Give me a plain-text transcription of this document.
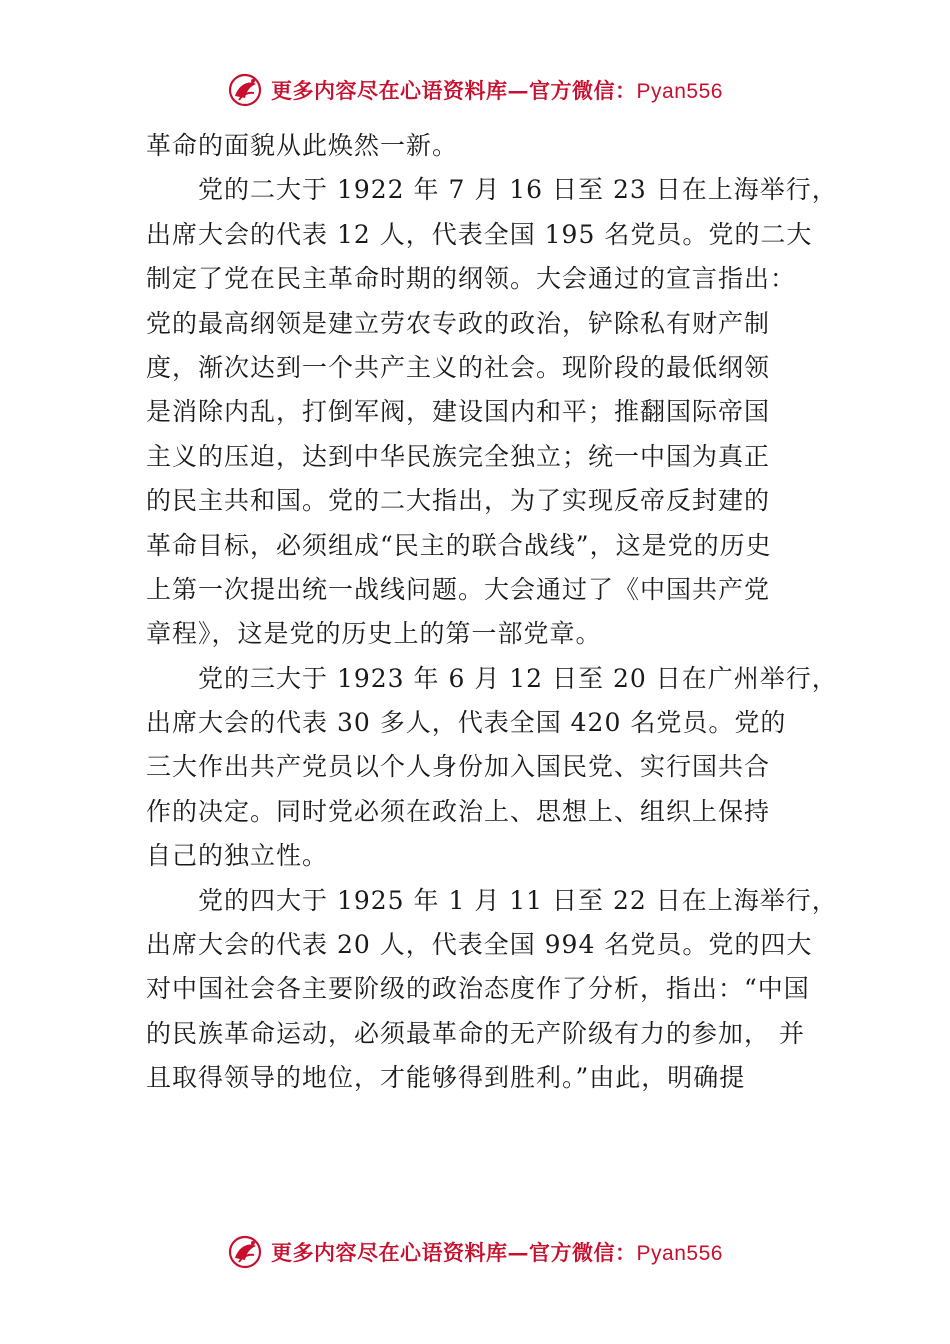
更多内容尽在心语资料库—官方微信：Pyan556
革命的面貌从此焕然一新。
党的二大于 1922 年 7 月 16 日至 23 日在上海举行，
出席大会的代表 12 人，代表全国 195 名党员。党的二大
制定了党在民主革命时期的纲领。大会通过的宣言指出：
党的最高纲领是建立劳农专政的政治，铲除私有财产制
度，渐次达到一个共产主义的社会。现阶段的最低纲领
是消除内乱，打倒军阀，建设国内和平；推翻国际帝国
主义的压迫，达到中华民族完全独立；统一中国为真正
的民主共和国。党的二大指出，为了实现反帝反封建的
革命目标，必须组成“民主的联合战线”，这是党的历史
上第一次提出统一战线问题。大会通过了《中国共产党
章程》，这是党的历史上的第一部党章。
党的三大于 1923 年 6 月 12 日至 20 日在广州举行，
出席大会的代表 30 多人，代表全国 420 名党员。党的
三大作出共产党员以个人身份加入国民党、实行国共合
作的决定。同时党必须在政治上、思想上、组织上保持
自己的独立性。
党的四大于 1925 年 1 月 11 日至 22 日在上海举行，
出席大会的代表 20 人，代表全国 994 名党员。党的四大
对中国社会各主要阶级的政治态度作了分析，指出：“中国
的民族革命运动，必须最革命的无产阶级有力的参加， 并
且取得领导的地位，才能够得到胜利。”由此，明确提
更多内容尽在心语资料库—官方微信：Pyan556
